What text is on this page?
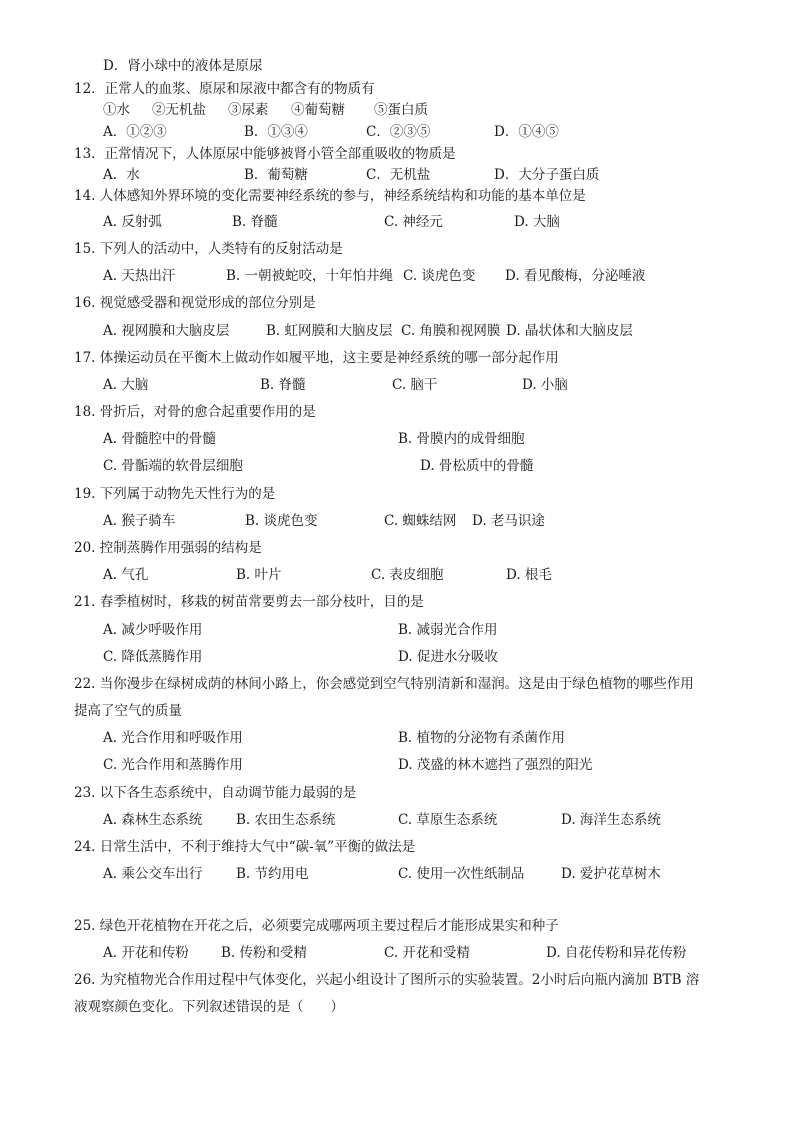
D．肾小球中的液体是原尿
12．正常人的血浆、原尿和尿液中都含有的物质有
①水 ②无机盐 ③尿素 ④葡萄糖 ⑤蛋白质
A．①②③	B．①③④	C．②③⑤	D．①④⑤
13．正常情况下，人体原尿中能够被肾小管全部重吸收的物质是
A．水	B．葡萄糖	C．无机盐	D．大分子蛋白质
14. 人体感知外界环境的变化需要神经系统的参与，神经系统结构和功能的基本单位是
A. 反射弧	B. 脊髓	C. 神经元	D. 大脑
15. 下列人的活动中，人类特有的反射活动是
A. 天热出汗	B. 一朝被蛇咬，十年怕井绳 C. 谈虎色变 D. 看见酸梅，分泌唾液
16. 视觉感受器和视觉形成的部位分别是
A. 视网膜和大脑皮层	B. 虹网膜和大脑皮层 C. 角膜和视网膜 D. 晶状体和大脑皮层
17. 体操运动员在平衡木上做动作如履平地，这主要是神经系统的哪一部分起作用
A. 大脑	B. 脊髓	C. 脑干	D. 小脑
18. 骨折后，对骨的愈合起重要作用的是
A. 骨髓腔中的骨髓	B. 骨膜内的成骨细胞
C. 骨骺端的软骨层细胞	D. 骨松质中的骨髓
19. 下列属于动物先天性行为的是
A. 猴子骑车	B. 谈虎色变	C. 蜘蛛结网 D. 老马识途
20. 控制蒸腾作用强弱的结构是
A. 气孔	B. 叶片	C. 表皮细胞	D. 根毛
21. 春季植树时，移栽的树苗常要剪去一部分枝叶，目的是
A. 减少呼吸作用	B. 减弱光合作用
C. 降低蒸腾作用	D. 促进水分吸收
22. 当你漫步在绿树成荫的林间小路上，你会感觉到空气特别清新和湿润。这是由于绿色植物的哪些作用
提高了空气的质量
A. 光合作用和呼吸作用	B. 植物的分泌物有杀菌作用
C. 光合作用和蒸腾作用	D. 茂盛的林木遮挡了强烈的阳光
23. 以下各生态系统中，自动调节能力最弱的是
A. 森林生态系统 B. 农田生态系统	C. 草原生态系统	D. 海洋生态系统
24. 日常生活中，不利于维持大气中“碳-氧”平衡的做法是
A. 乘公交车出行 B. 节约用电	C. 使用一次性纸制品	D. 爱护花草树木
25. 绿色开花植物在开花之后，必须要完成哪两项主要过程后才能形成果实和种子
A. 开花和传粉 B. 传粉和受精	C. 开花和受精	D. 自花传粉和异花传粉
26. 为究植物光合作用过程中气体变化，兴起小组设计了图所示的实验装置。2小时后向瓶内滴加 BTB 溶
液观察颜色变化。下列叙述错误的是（　　）
